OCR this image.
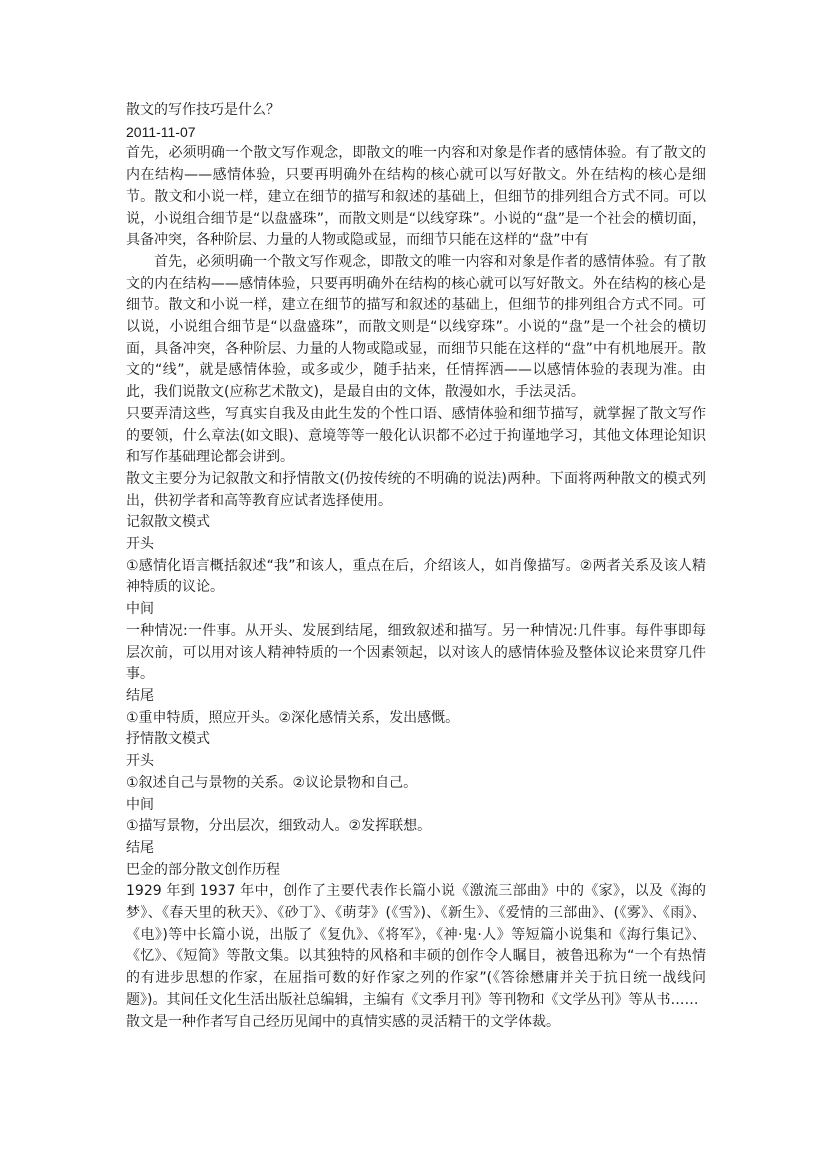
散文的写作技巧是什么？

2011-11-07

首先，必须明确一个散文写作观念，即散文的唯一内容和对象是作者的感情体验。有了散文的内在结构——感情体验，只要再明确外在结构的核心就可以写好散文。外在结构的核心是细节。散文和小说一样，建立在细节的描写和叙述的基础上，但细节的排列组合方式不同。可以说，小说组合细节是“以盘盛珠”，而散文则是“以线穿珠”。小说的“盘”是一个社会的横切面，具备冲突，各种阶层、力量的人物或隐或显，而细节只能在这样的“盘”中有

首先，必须明确一个散文写作观念，即散文的唯一内容和对象是作者的感情体验。有了散文的内在结构——感情体验，只要再明确外在结构的核心就可以写好散文。外在结构的核心是细节。散文和小说一样，建立在细节的描写和叙述的基础上，但细节的排列组合方式不同。可以说，小说组合细节是“以盘盛珠”，而散文则是“以线穿珠”。小说的“盘”是一个社会的横切面，具备冲突，各种阶层、力量的人物或隐或显，而细节只能在这样的“盘”中有机地展开。散文的“线”，就是感情体验，或多或少，随手拈来，任情挥洒——以感情体验的表现为准。由此，我们说散文(应称艺术散文)，是最自由的文体，散漫如水，手法灵活。

只要弄清这些，写真实自我及由此生发的个性口语、感情体验和细节描写，就掌握了散文写作的要领，什么章法(如文眼)、意境等等一般化认识都不必过于拘谨地学习，其他文体理论知识和写作基础理论都会讲到。

散文主要分为记叙散文和抒情散文(仍按传统的不明确的说法)两种。下面将两种散文的模式列出，供初学者和高等教育应试者选择使用。

记叙散文模式

开头

①感情化语言概括叙述“我”和该人，重点在后，介绍该人，如肖像描写。②两者关系及该人精神特质的议论。

中间

一种情况:一件事。从开头、发展到结尾，细致叙述和描写。另一种情况:几件事。每件事即每层次前，可以用对该人精神特质的一个因素领起，以对该人的感情体验及整体议论来贯穿几件事。

结尾

①重申特质，照应开头。②深化感情关系，发出感慨。

抒情散文模式

开头

①叙述自己与景物的关系。②议论景物和自己。

中间

①描写景物，分出层次，细致动人。②发挥联想。

结尾

巴金的部分散文创作历程

1929 年到 1937 年中，创作了主要代表作长篇小说《激流三部曲》中的《家》，以及《海的梦》、《春天里的秋天》、《砂丁》、《萌芽》(《雪》)、《新生》、《爱情的三部曲》、(《雾》、《雨》、《电》)等中长篇小说，出版了《复仇》、《将军》，《神·鬼·人》等短篇小说集和《海行集记》、《忆》、《短简》等散文集。以其独特的风格和丰硕的创作令人瞩目，被鲁迅称为“一个有热情的有进步思想的作家，在屈指可数的好作家之列的作家”(《答徐懋庸并关于抗日统一战线问题》)。其间任文化生活出版社总编辑，主编有《文季月刊》等刊物和《文学丛刊》等从书……

散文是一种作者写自己经历见闻中的真情实感的灵活精干的文学体裁。
